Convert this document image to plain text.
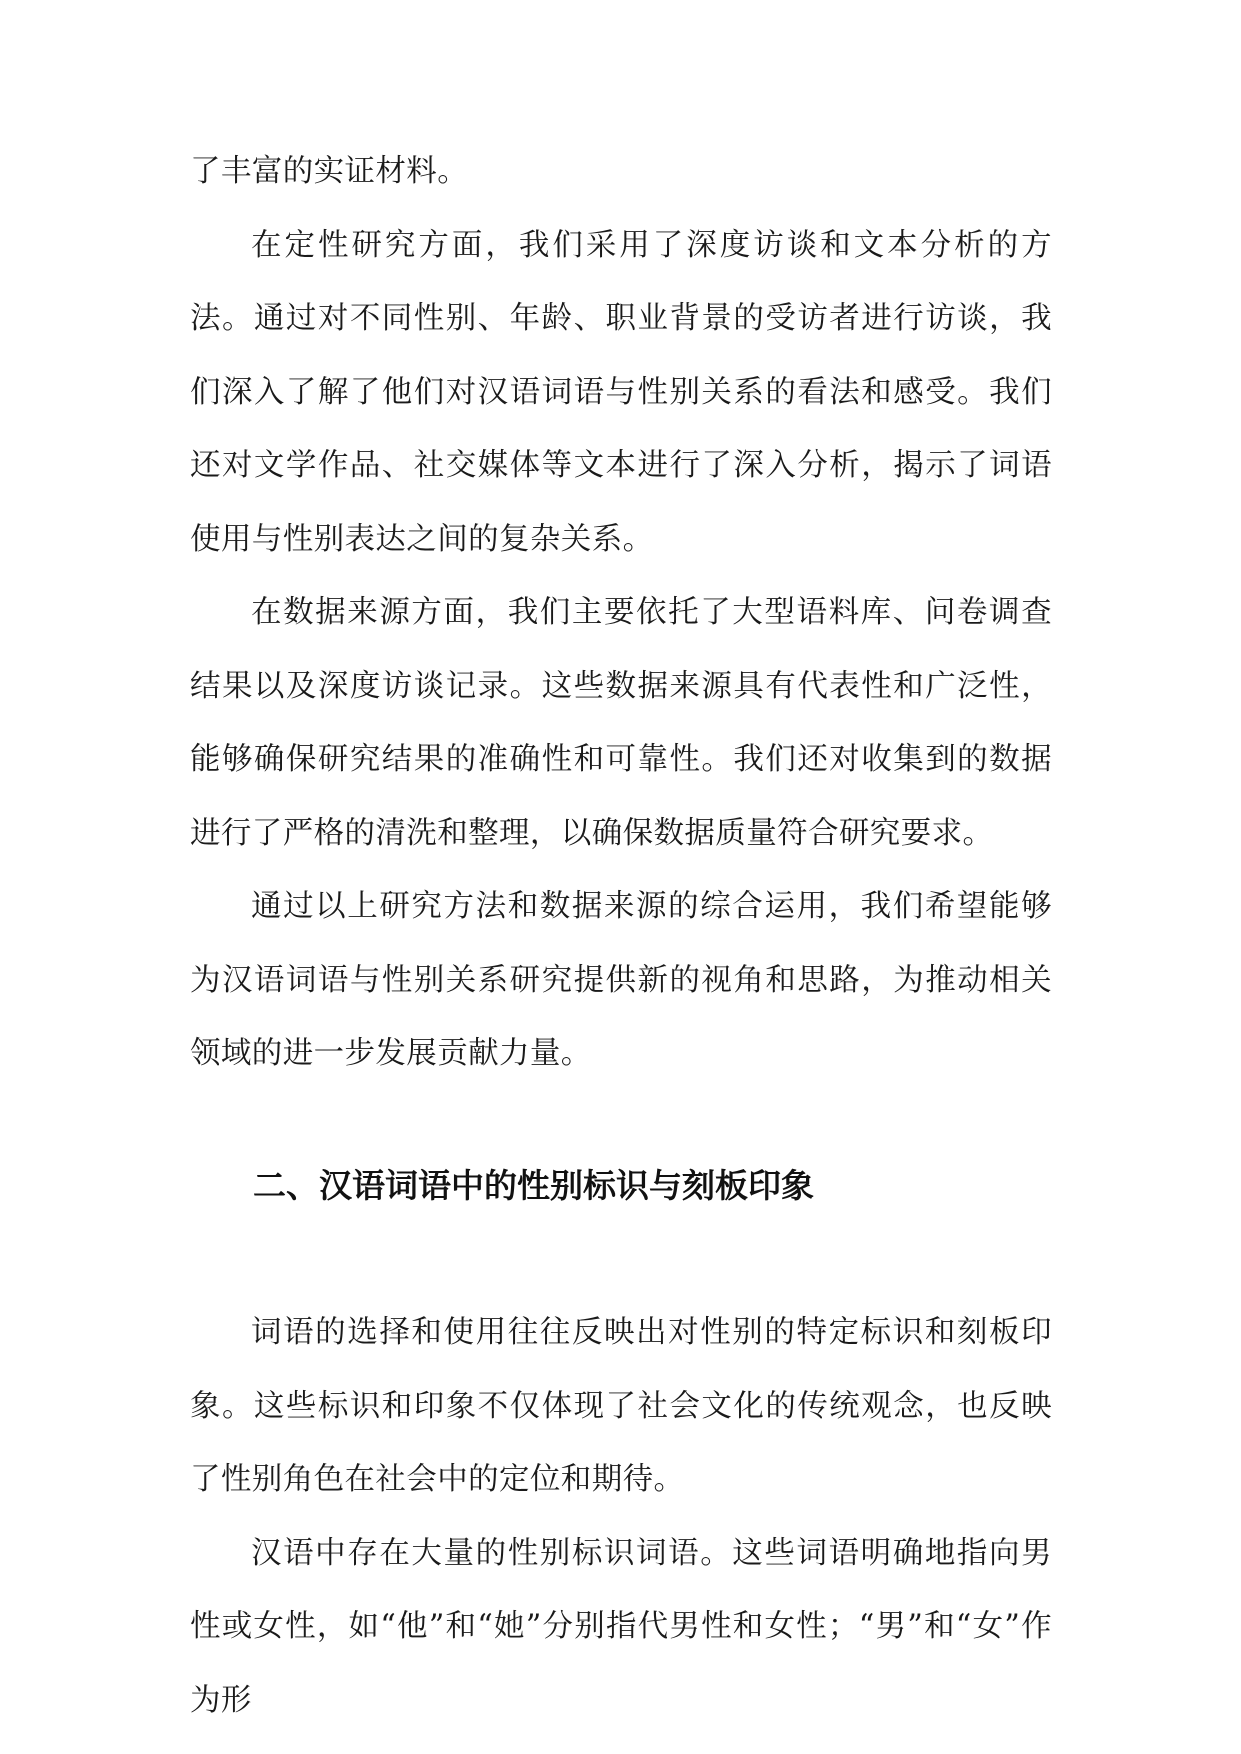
了丰富的实证材料。

在定性研究方面，我们采用了深度访谈和文本分析的方法。通过对不同性别、年龄、职业背景的受访者进行访谈，我们深入了解了他们对汉语词语与性别关系的看法和感受。我们还对文学作品、社交媒体等文本进行了深入分析，揭示了词语使用与性别表达之间的复杂关系。

在数据来源方面，我们主要依托了大型语料库、问卷调查结果以及深度访谈记录。这些数据来源具有代表性和广泛性，能够确保研究结果的准确性和可靠性。我们还对收集到的数据进行了严格的清洗和整理，以确保数据质量符合研究要求。

通过以上研究方法和数据来源的综合运用，我们希望能够为汉语词语与性别关系研究提供新的视角和思路，为推动相关领域的进一步发展贡献力量。

二、汉语词语中的性别标识与刻板印象

词语的选择和使用往往反映出对性别的特定标识和刻板印象。这些标识和印象不仅体现了社会文化的传统观念，也反映了性别角色在社会中的定位和期待。

汉语中存在大量的性别标识词语。这些词语明确地指向男性或女性，如“他”和“她”分别指代男性和女性；“男”和“女”作为形
